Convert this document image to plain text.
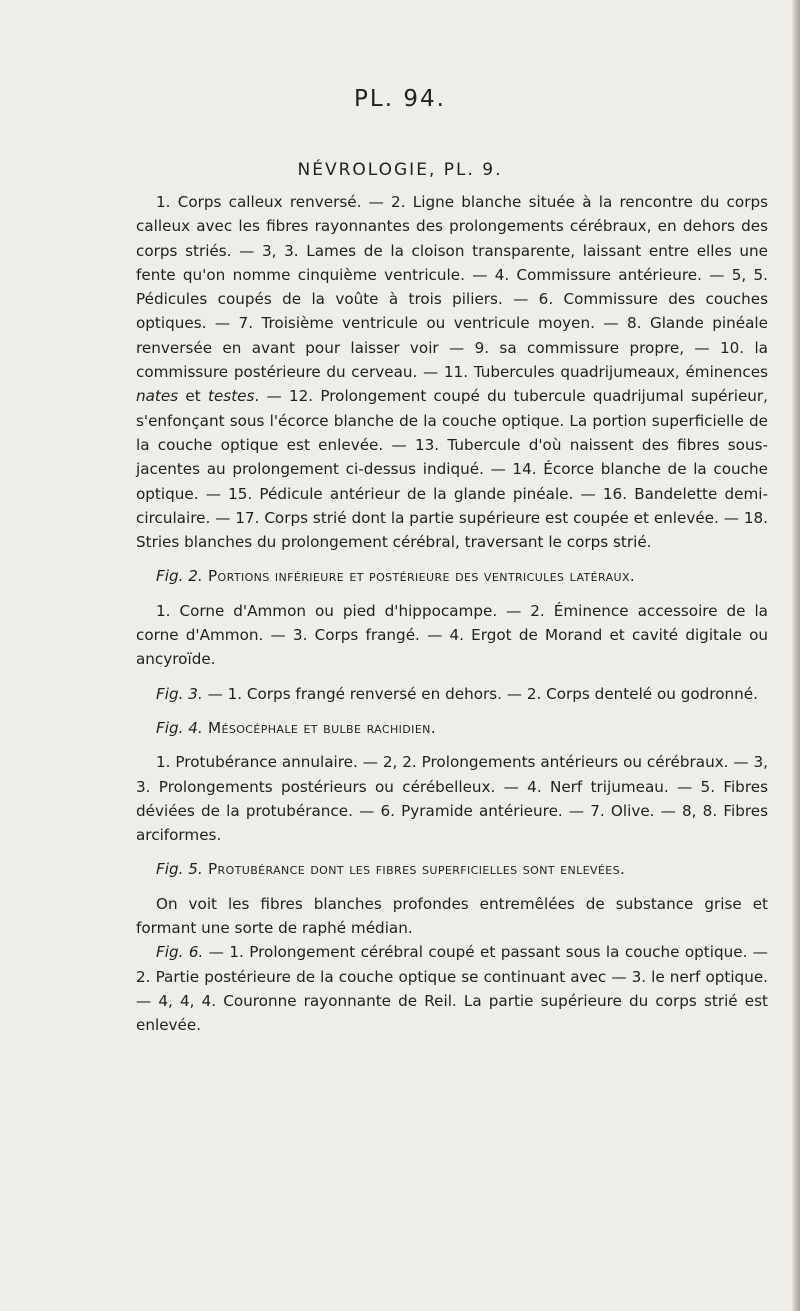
PL. 94.
NÉVROLOGIE, PL. 9.

1. Corps calleux renversé. — 2. Ligne blanche située à la rencontre du corps calleux avec les fibres rayonnantes des prolongements cérébraux, en dehors des corps striés. — 3, 3. Lames de la cloison transparente, laissant entre elles une fente qu'on nomme cinquième ventricule. — 4. Commissure antérieure. — 5, 5. Pédicules coupés de la voûte à trois piliers. — 6. Commissure des couches optiques. — 7. Troisième ventricule ou ventricule moyen. — 8. Glande pinéale renversée en avant pour laisser voir — 9. sa commissure propre, — 10. la commissure postérieure du cerveau. — 11. Tubercules quadrijumeaux, éminences nates et testes. — 12. Prolongement coupé du tubercule quadrijumal supérieur, s'enfonçant sous l'écorce blanche de la couche optique. La portion superficielle de la couche optique est enlevée. — 13. Tubercule d'où naissent des fibres sous-jacentes au prolongement ci-dessus indiqué. — 14. Écorce blanche de la couche optique. — 15. Pédicule antérieur de la glande pinéale. — 16. Bandelette demi-circulaire. — 17. Corps strié dont la partie supérieure est coupée et enlevée. — 18. Stries blanches du prolongement cérébral, traversant le corps strié.

Fig. 2. Portions inférieure et postérieure des ventricules latéraux.

1. Corne d'Ammon ou pied d'hippocampe. — 2. Éminence accessoire de la corne d'Ammon. — 3. Corps frangé. — 4. Ergot de Morand et cavité digitale ou ancyroïde.

Fig. 3. — 1. Corps frangé renversé en dehors. — 2. Corps dentelé ou godronné.

Fig. 4. Mésocéphale et bulbe rachidien.

1. Protubérance annulaire. — 2, 2. Prolongements antérieurs ou cérébraux. — 3, 3. Prolongements postérieurs ou cérébelleux. — 4. Nerf trijumeau. — 5. Fibres déviées de la protubérance. — 6. Pyramide antérieure. — 7. Olive. — 8, 8. Fibres arciformes.

Fig. 5. Protubérance dont les fibres superficielles sont enlevées.

On voit les fibres blanches profondes entremêlées de substance grise et formant une sorte de raphé médian.

Fig. 6. — 1. Prolongement cérébral coupé et passant sous la couche optique. — 2. Partie postérieure de la couche optique se continuant avec — 3. le nerf optique. — 4, 4, 4. Couronne rayonnante de Reil. La partie supérieure du corps strié est enlevée.
